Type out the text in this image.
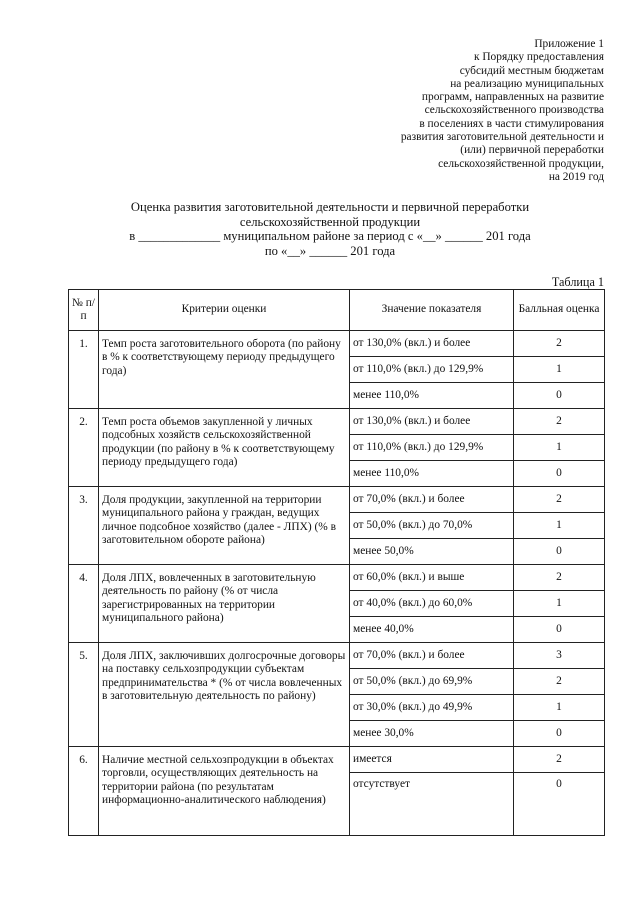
Приложение 1
к Порядку предоставления
субсидий местным бюджетам
на реализацию муниципальных
программ, направленных на развитие
сельскохозяйственного производства
в поселениях в части стимулирования
развития заготовительной деятельности и
(или) первичной переработки
сельскохозяйственной продукции,
на 2019 год
Оценка развития заготовительной деятельности и первичной переработки
сельскохозяйственной продукции
в _____________ муниципальном районе за период с «__» ______ 201 года
по «__» ______ 201 года
Таблица 1
№ п/п	Критерии оценки	Значение показателя	Балльная оценка
1.	Темп роста заготовительного оборота (по району в % к соответствующему периоду предыдущего года)	от 130,0% (вкл.) и более	2
		от 110,0% (вкл.) до 129,9%	1
		менее 110,0%	0
2.	Темп роста объемов закупленной у личных подсобных хозяйств сельскохозяйственной продукции (по району в % к соответствующему периоду предыдущего года)	от 130,0% (вкл.) и более	2
		от 110,0% (вкл.) до 129,9%	1
		менее 110,0%	0
3.	Доля продукции, закупленной на территории муниципального района у граждан, ведущих личное подсобное хозяйство (далее - ЛПХ) (% в заготовительном обороте района)	от 70,0% (вкл.) и более	2
		от 50,0% (вкл.) до 70,0%	1
		менее 50,0%	0
4.	Доля ЛПХ, вовлеченных в заготовительную деятельность по району (% от числа зарегистрированных на территории муниципального района)	от 60,0% (вкл.) и выше	2
		от 40,0% (вкл.) до 60,0%	1
		менее 40,0%	0
5.	Доля ЛПХ, заключивших долгосрочные договоры на поставку сельхозпродукции субъектам предпринимательства * (% от числа вовлеченных в заготовительную деятельность по району)	от 70,0% (вкл.) и более	3
		от 50,0% (вкл.) до 69,9%	2
		от 30,0% (вкл.) до 49,9%	1
		менее 30,0%	0
6.	Наличие местной сельхозпродукции в объектах торговли, осуществляющих деятельность на территории района (по результатам информационно-аналитического наблюдения)	имеется	2
		отсутствует	0
